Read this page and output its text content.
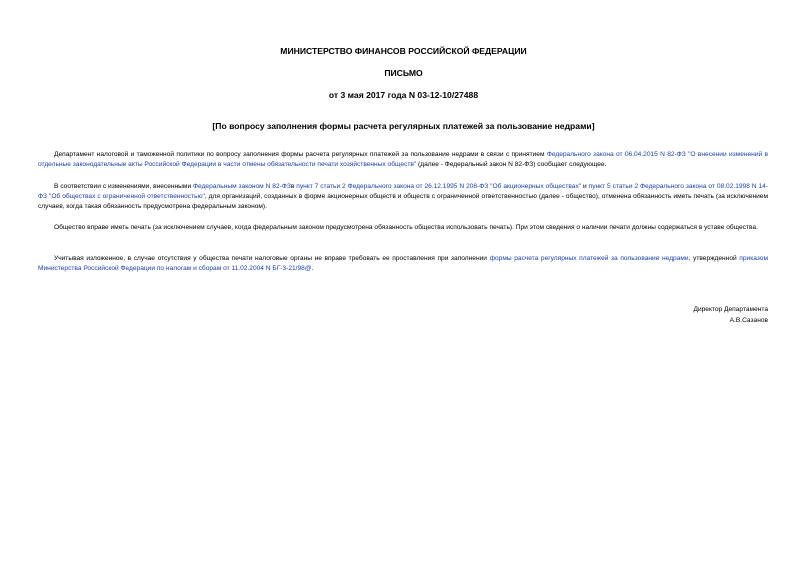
МИНИСТЕРСТВО ФИНАНСОВ РОССИЙСКОЙ ФЕДЕРАЦИИ
ПИСЬМО
от 3 мая 2017 года N 03-12-10/27488
[По вопросу заполнения формы расчета регулярных платежей за пользование недрами]
Департамент налоговой и таможенной политики по вопросу заполнения формы расчета регулярных платежей за пользование недрами в связи с принятием Федерального закона от 06.04.2015 N 82-ФЗ "О внесении изменений в отдельные законодательные акты Российской Федерации в части отмены обязательности печати хозяйственных обществ" (далее - Федеральный закон N 82-ФЗ) сообщает следующее.
В соответствии с изменениями, внесенными Федеральным законом N 82-ФЗв пункт 7 статьи 2 Федерального закона от 26.12.1995 N 208-ФЗ "Об акционерных обществах" и пункт 5 статьи 2 Федерального закона от 08.02.1998 N 14-ФЗ "Об обществах с ограниченной ответственностью", для организаций, созданных в форме акционерных обществ и обществ с ограниченной ответственностью (далее - общество), отменена обязанность иметь печать (за исключением случаев, когда такая обязанность предусмотрена федеральным законом).
Общество вправе иметь печать (за исключением случаев, когда федеральным законом предусмотрена обязанность общества использовать печать). При этом сведения о наличии печати должны содержаться в уставе общества.
Учитывая изложенное, в случае отсутствия у общества печати налоговые органы не вправе требовать ее проставления при заполнении формы расчета регулярных платежей за пользование недрами, утвержденной приказом Министерства Российской Федерации по налогам и сборам от 11.02.2004 N БГ-3-21/98@.
Директор Департамента
А.В.Сазанов
